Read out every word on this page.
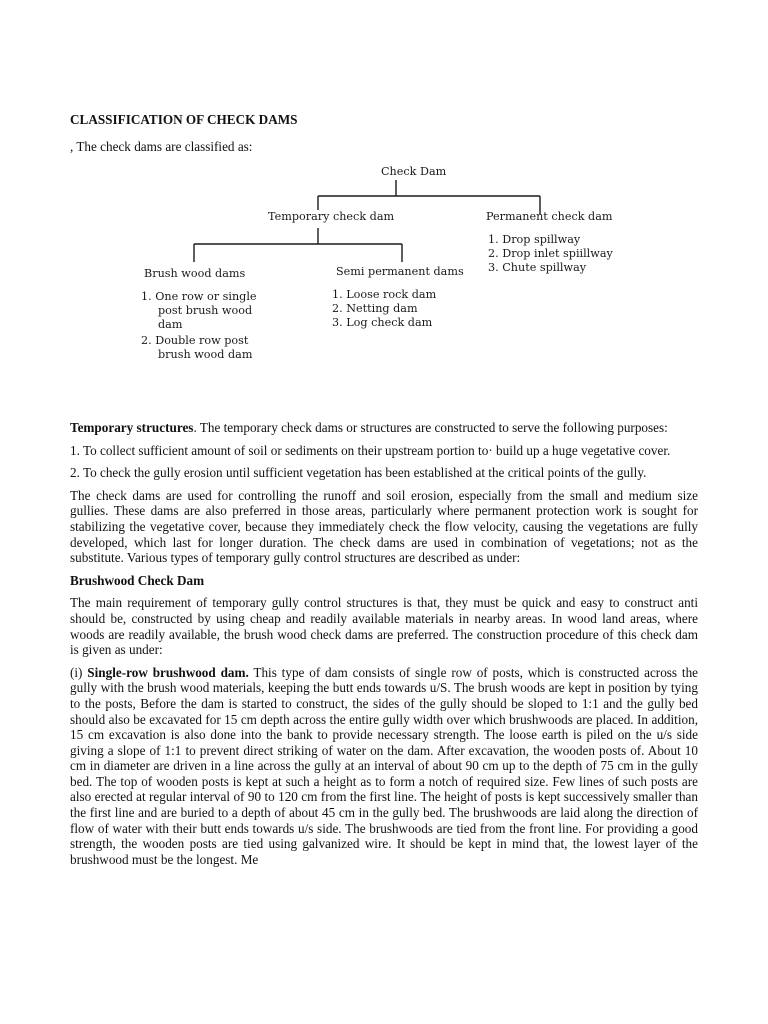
CLASSIFICATION OF CHECK DAMS
, The check dams are classified as:
Check Dam
Temporary check dam	Permanent check dam
1. Drop spillway
2. Drop inlet spiillway
3. Chute spillway
Brush wood dams	Semi permanent dams
1. One row or single
post brush wood
dam
2. Double row post
brush wood dam
1. Loose rock dam
2. Netting dam
3. Log check dam

Temporary structures. The temporary check dams or structures are constructed to serve the following purposes:

1. To collect sufficient amount of soil or sediments on their upstream portion to· build up a huge vegetative cover.

2. To check the gully erosion until sufficient vegetation has been established at the critical points of the gully.

The check dams are used for controlling the runoff and soil erosion, especially from the small and medium size gullies. These dams are also preferred in those areas, particularly where permanent protection work is sought for stabilizing the vegetative cover, because they immediately check the flow velocity, causing the vegetations are fully developed, which last for longer duration. The check dams are used in combination of vegetations; not as the substitute. Various types of temporary gully control structures are described as under:

Brushwood Check Dam

The main requirement of temporary gully control structures is that, they must be quick and easy to construct anti should be, constructed by using cheap and readily available materials in nearby areas. In wood land areas, where woods are readily available, the brush wood check dams are preferred. The construction procedure of this check dam is given as under:

(i) Single-row brushwood dam. This type of dam consists of single row of posts, which is constructed across the gully with the brush wood materials, keeping the butt ends towards u/S. The brush woods are kept in position by tying to the posts, Before the dam is started to construct, the sides of the gully should be sloped to 1:1 and the gully bed should also be excavated for 15 cm depth across the entire gully width over which brushwoods are placed. In addition, 15 cm excavation is also done into the bank to provide necessary strength. The loose earth is piled on the u/s side giving a slope of 1:1 to prevent direct striking of water on the dam. After excavation, the wooden posts of. About 10 cm in diameter are driven in a line across the gully at an interval of about 90 cm up to the depth of 75 cm in the gully bed. The top of wooden posts is kept at such a height as to form a notch of required size. Few lines of such posts are also erected at regular interval of 90 to 120 cm from the first line. The height of posts is kept successively smaller than the first line and are buried to a depth of about 45 cm in the gully bed. The brushwoods are laid along the direction of flow of water with their butt ends towards u/s side. The brushwoods are tied from the front line. For providing a good strength, the wooden posts are tied using galvanized wire. It should be kept in mind that, the lowest layer of the brushwood must be the longest. Me
